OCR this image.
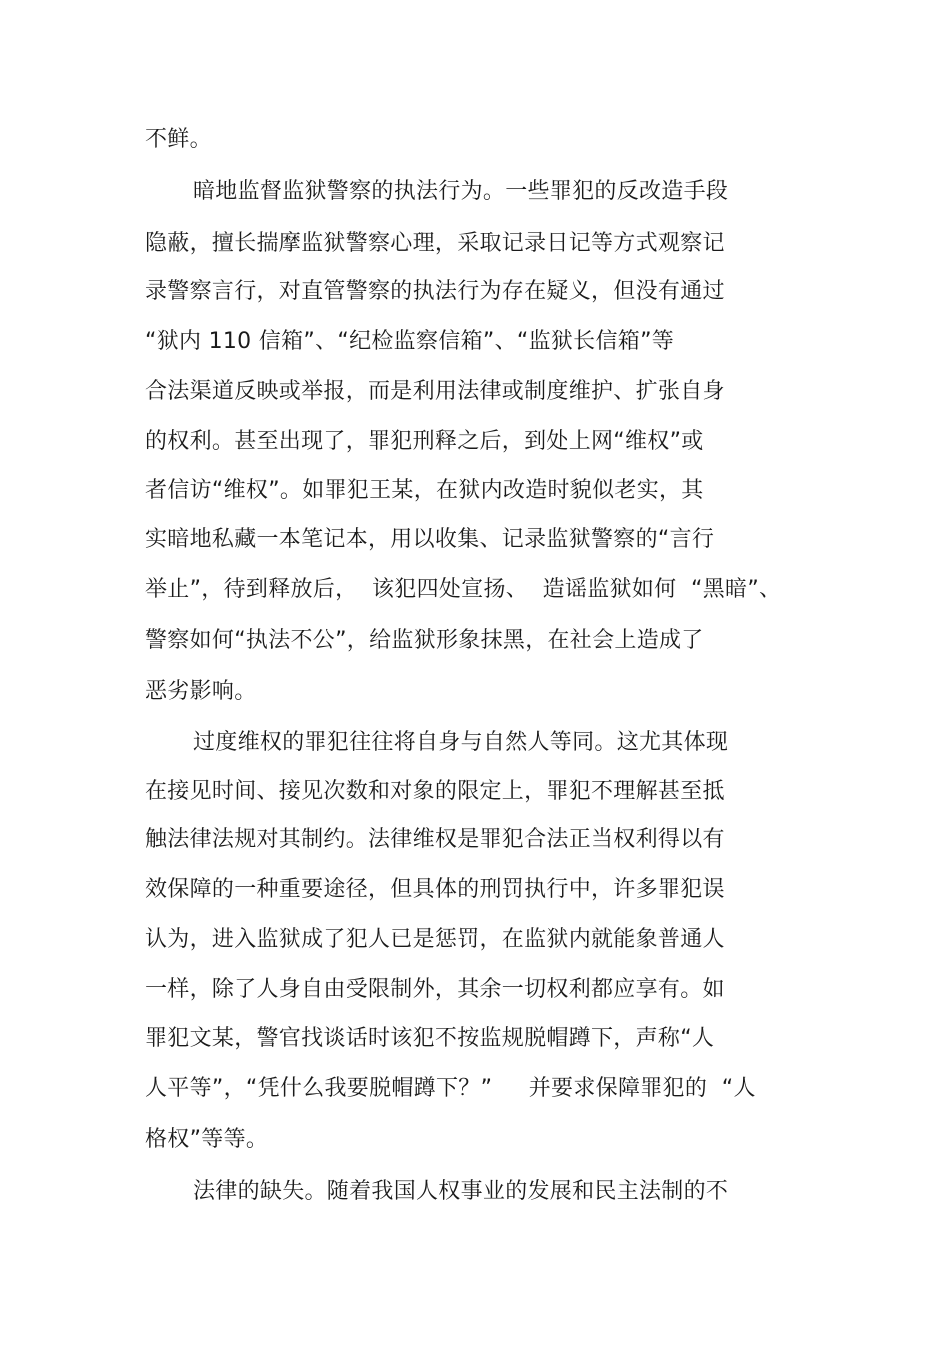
不鲜。
暗地监督监狱警察的执法行为。一些罪犯的反改造手段
隐蔽，擅长揣摩监狱警察心理，采取记录日记等方式观察记
录警察言行，对直管警察的执法行为存在疑义，但没有通过
“狱内 110 信箱”、“纪检监察信箱”、“监狱长信箱”等
合法渠道反映或举报，而是利用法律或制度维护、扩张自身
的权利。甚至出现了，罪犯刑释之后，到处上网“维权”或
者信访“维权”。如罪犯王某，在狱内改造时貌似老实，其
实暗地私藏一本笔记本，用以收集、记录监狱警察的“言行
举止”，待到释放后，  该犯四处宣扬、  造谣监狱如何  “黑暗”、
警察如何“执法不公”，给监狱形象抹黑，在社会上造成了
恶劣影响。
过度维权的罪犯往往将自身与自然人等同。这尤其体现
在接见时间、接见次数和对象的限定上，罪犯不理解甚至抵
触法律法规对其制约。法律维权是罪犯合法正当权利得以有
效保障的一种重要途径，但具体的刑罚执行中，许多罪犯误
认为，进入监狱成了犯人已是惩罚，在监狱内就能象普通人
一样，除了人身自由受限制外，其余一切权利都应享有。如
罪犯文某，警官找谈话时该犯不按监规脱帽蹲下，声称“人
人平等”，“凭什么我要脱帽蹲下？”     并要求保障罪犯的  “人
格权”等等。
法律的缺失。随着我国人权事业的发展和民主法制的不
